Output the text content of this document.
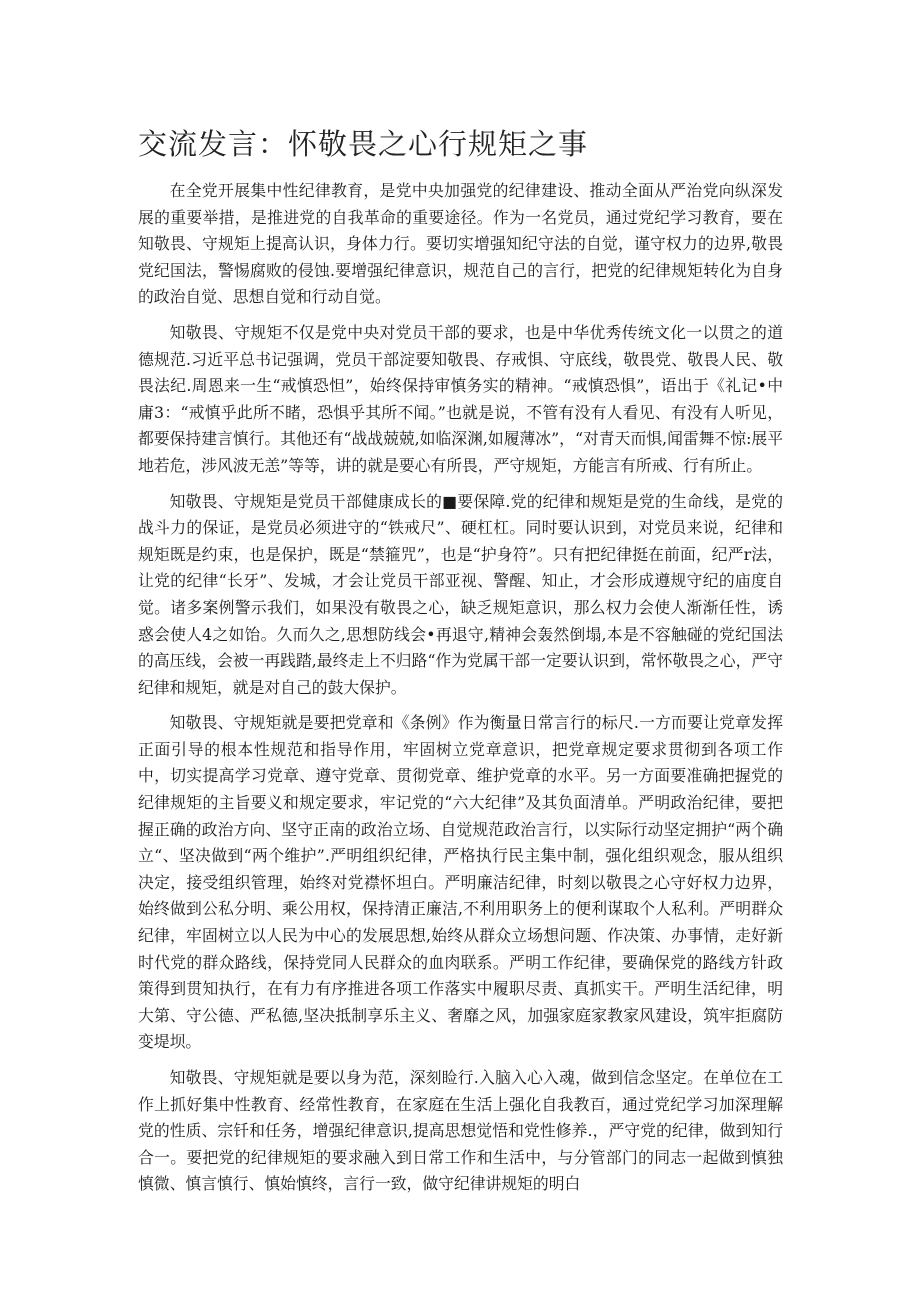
交流发言：怀敬畏之心行规矩之事

在全党开展集中性纪律教育，是党中央加强党的纪律建设、推动全面从严治党向纵深发展的重要举措，是推进党的自我革命的重要途径。作为一名党员，通过党纪学习教育，要在知敬畏、守规矩上提高认识，身体力行。要切实增强知纪守法的自觉，谨守权力的边界,敬畏党纪国法，警惕腐败的侵蚀.要增强纪律意识，规范自己的言行，把党的纪律规矩转化为自身的政治自觉、思想自觉和行动自觉。

知敬畏、守规矩不仅是党中央对党员干部的要求，也是中华优秀传统文化一以贯之的道德规范.习近平总书记强调，党员干部淀要知敬畏、存戒惧、守底线，敬畏党、敬畏人民、敬畏法纪.周恩来一生“戒慎恐怛”，始终保持审慎务实的精神。“戒慎恐惧”，语出于《礼记•中庸3：“戒慎乎此所不睹，恐惧乎其所不闻。”也就是说，不管有没有人看见、有没有人听见，都要保持建言慎行。其他还有“战战兢兢,如临深渊,如履薄冰”，“对青天而惧,闻雷舞不惊:展平地若危，涉风波无恙”等等，讲的就是要心有所畏，严守规矩，方能言有所戒、行有所止。

知敬畏、守规矩是党员干部健康成长的■要保障.党的纪律和规矩是党的生命线，是党的战斗力的保证，是党员必须进守的“铁戒尺”、硬杠杠。同时要认识到，对党员来说，纪律和规矩既是约束，也是保护，既是“禁箍咒”，也是“护身符”。只有把纪律挺在前面，纪严r法，让党的纪律“长牙”、发城，才会让党员干部亚视、警醒、知止，才会形成遵规守纪的庙度自觉。诸多案例警示我们，如果没有敬畏之心，缺乏规矩意识，那么权力会使人渐渐任性，诱惑会使人4之如饴。久而久之,思想防线会•再退守,精神会轰然倒塌,本是不容触碰的党纪国法的高压线，会被一再践踏,最终走上不归路“作为党属干部一定要认识到，常怀敬畏之心，严守纪律和规矩，就是对自己的鼓大保护。

知敬畏、守规矩就是要把党章和《条例》作为衡量日常言行的标尺.一方而要让党章发挥正面引导的根本性规范和指导作用，牢固树立党章意识，把党章规定要求贯彻到各项工作中，切实提高学习党章、遵守党章、贯彻党章、维护党章的水平。另一方面要准确把握党的纪律规矩的主旨要义和规定要求，牢记党的“六大纪律”及其负面清单。严明政治纪律，要把握正确的政治方向、坚守正南的政治立场、自觉规范政治言行，以实际行动坚定拥护“两个确立“、坚决做到“两个维护”.严明组织纪律，严格执行民主集中制，强化组织观念，服从组织决定，接受组织管理，始终对党襟怀坦白。严明廉洁纪律，时刻以敬畏之心守好权力边界，始终做到公私分明、乘公用权，保持清正廉洁,不利用职务上的便利谋取个人私利。严明群众纪律，牢固树立以人民为中心的发展思想,始终从群众立场想问题、作决策、办事情，走好新时代党的群众路线，保持党同人民群众的血肉联系。严明工作纪律，要确保党的路线方针政策得到贯知执行，在有力有序推进各项工作落实中履职尽责、真抓实干。严明生活纪律，明大第、守公德、严私德,坚决抵制享乐主义、奢靡之风，加强家庭家教家风建设，筑牢拒腐防变堤坝。

知敬畏、守规矩就是要以身为范，深刻睑行.入脑入心入魂，做到信念坚定。在单位在工作上抓好集中性教育、经常性教育，在家庭在生活上强化自我教百，通过党纪学习加深理解党的性质、宗钎和任务，增强纪律意识,提高思想觉悟和党性修养.，严守党的纪律，做到知行合一。要把党的纪律规矩的要求融入到日常工作和生活中，与分管部门的同志一起做到慎独慎微、慎言慎行、慎始慎终，言行一致，做守纪律讲规矩的明白
